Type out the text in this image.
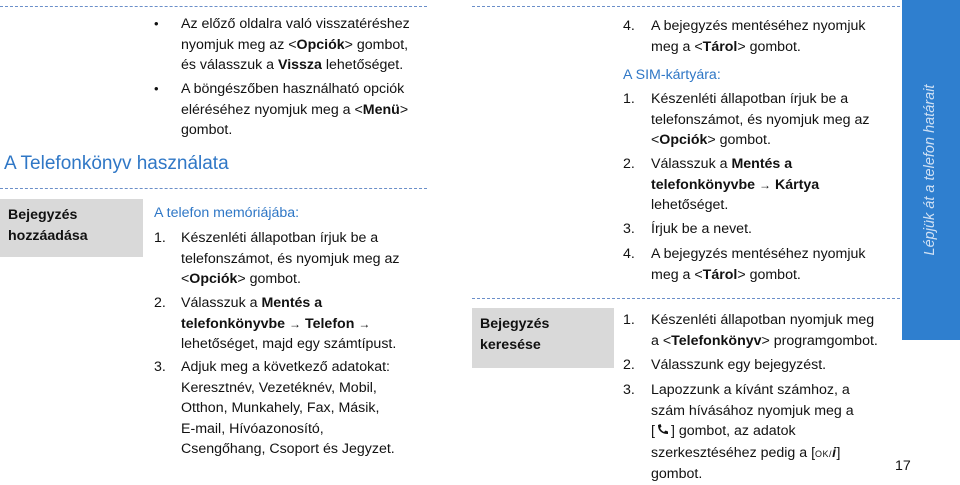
• Az előző oldalra való visszatéréshez
nyomjuk meg az <Opciók> gombot,
és válasszuk a Vissza lehetőséget.
• A böngészőben használható opciók
eléréséhez nyomjuk meg a <Menü>
gombot.
A Telefonkönyv használata
Bejegyzés
hozzáadása
A telefon memóriájába:
1. Készenléti állapotban írjuk be a
telefonszámot, és nyomjuk meg az
<Opciók> gombot.
2. Válasszuk a Mentés a
telefonkönyvbe → Telefon →
lehetőséget, majd egy számtípust.
3. Adjuk meg a következő adatokat:
Keresztnév, Vezetéknév, Mobil,
Otthon, Munkahely, Fax, Másik,
E-mail, Hívóazonosító,
Csengőhang, Csoport és Jegyzet.
4. A bejegyzés mentéséhez nyomjuk
meg a <Tárol> gombot.
A SIM-kártyára:
1. Készenléti állapotban írjuk be a
telefonszámot, és nyomjuk meg az
<Opciók> gombot.
2. Válasszuk a Mentés a
telefonkönyvbe → Kártya
lehetőséget.
3. Írjuk be a nevet.
4. A bejegyzés mentéséhez nyomjuk
meg a <Tárol> gombot.
Bejegyzés
keresése
1. Készenléti állapotban nyomjuk meg
a <Telefonkönyv> programgombot.
2. Válasszunk egy bejegyzést.
3. Lapozzunk a kívánt számhoz, a
szám hívásához nyomjuk meg a
[ ] gombot, az adatok
szerkesztéséhez pedig a [OK/i]
gombot.
Lépjük át a telefon határait
17
